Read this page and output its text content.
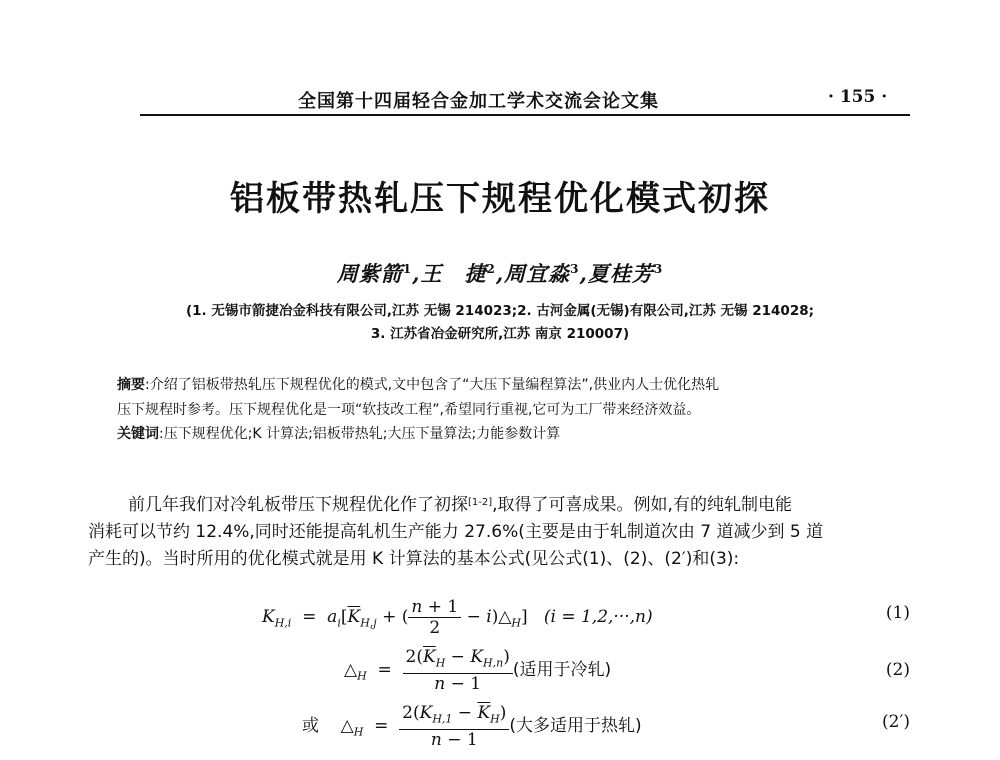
全国第十四届轻合金加工学术交流会论文集	· 155 ·
铝板带热轧压下规程优化模式初探
周紫箭$^1$,王　捷$^2$,周宜淼$^3$,夏桂芳$^3$
(1. 无锡市箭捷冶金科技有限公司,江苏 无锡 214023;2. 古河金属(无锡)有限公司,江苏 无锡 214028;
3. 江苏省冶金研究所,江苏 南京 210007)
摘要:介绍了铝板带热轧压下规程优化的模式,文中包含了“大压下量编程算法”,供业内人士优化热轧
压下规程时参考。压下规程优化是一项“软技改工程”,希望同行重视,它可为工厂带来经济效益。
关键词:压下规程优化;K 计算法;铝板带热轧;大压下量算法;力能参数计算
前几年我们对冷轧板带压下规程优化作了初探[1-2],取得了可喜成果。例如,有的纯轧制电能
消耗可以节约 12.4%,同时还能提高轧机生产能力 27.6%(主要是由于轧制道次由 7 道减少到 5 道
产生的)。当时所用的优化模式就是用 K 计算法的基本公式(见公式(1)、(2)、(2′)和(3):
$K_{H,i} = a_i[\overline{K}_{H,j}$ + ( $\frac{n + 1}{2}$ − $i)\triangle_H$]   (i = 1,2,···,n)	(1)
$\triangle_H = \frac{2(\overline{K}_H - K_{H,n})}{n - 1}$ (适用于冷轧)	(2)
或    $\triangle_H = \frac{2(K_{H,1} - \overline{K}_H)}{n - 1}$ (大多适用于热轧)	(2′)
